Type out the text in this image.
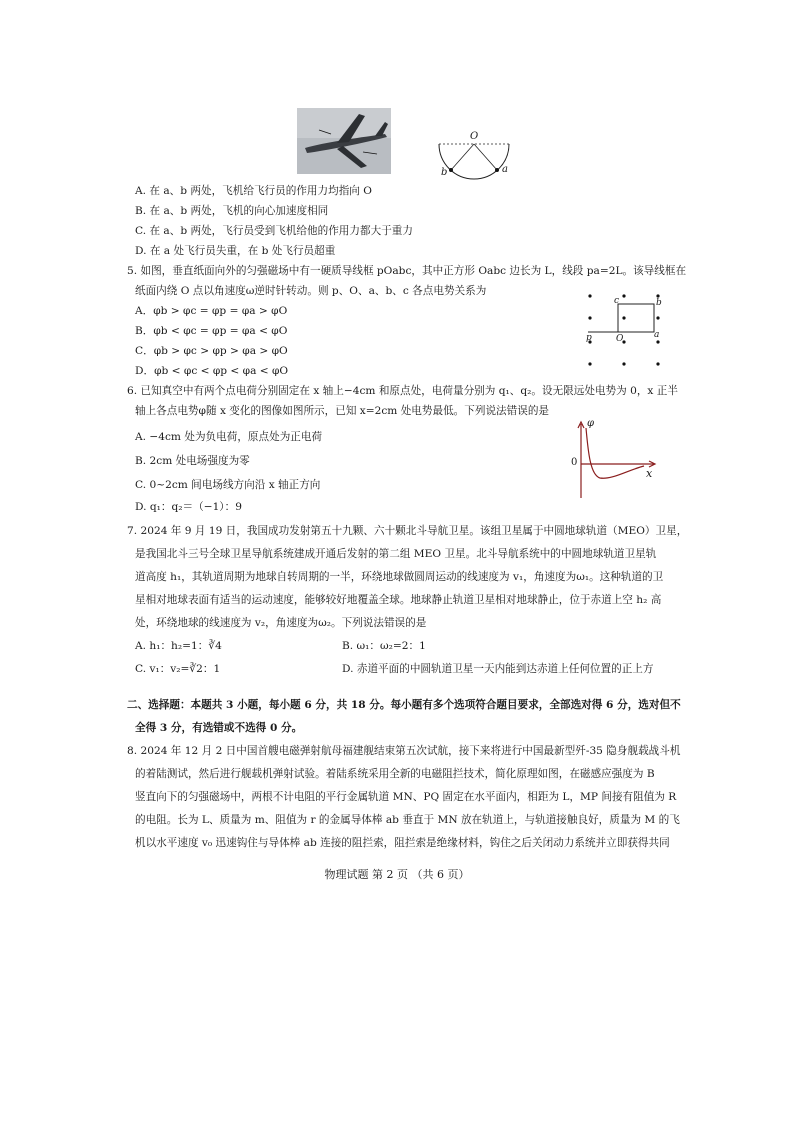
O
b	a
A. 在 a、b 两处，飞机给飞行员的作用力均指向 O
B. 在 a、b 两处，飞机的向心加速度相同
C. 在 a、b 两处，飞行员受到飞机给他的作用力都大于重力
D. 在 a 处飞行员失重，在 b 处飞行员超重
5. 如图，垂直纸面向外的匀强磁场中有一硬质导线框 pOabc，其中正方形 Oabc 边长为 L，线段 pa=2L。该导线框在
纸面内绕 O 点以角速度ω逆时针转动。则 p、O、a、b、c 各点电势关系为
A．φb > φc = φp = φa > φO
B．φb < φc = φp = φa < φO
C．φb > φc > φp > φa > φO
D．φb < φc < φp < φa < φO
c	b
p	O	a
6. 已知真空中有两个点电荷分别固定在 x 轴上−4cm 和原点处，电荷量分别为 q₁、q₂。设无限远处电势为 0，x 正半
轴上各点电势φ随 x 变化的图像如图所示，已知 x=2cm 处电势最低。下列说法错误的是
A. −4cm 处为负电荷，原点处为正电荷
B. 2cm 处电场强度为零
C. 0~2cm 间电场线方向沿 x 轴正方向
D. q₁：q₂＝（−1）：9
φ
0
x
7. 2024 年 9 月 19 日，我国成功发射第五十九颗、六十颗北斗导航卫星。该组卫星属于中圆地球轨道（MEO）卫星，
是我国北斗三号全球卫星导航系统建成开通后发射的第二组 MEO 卫星。北斗导航系统中的中圆地球轨道卫星轨
道高度 h₁，其轨道周期为地球自转周期的一半，环绕地球做圆周运动的线速度为 v₁，角速度为ω₁。这种轨道的卫
星相对地球表面有适当的运动速度，能够较好地覆盖全球。地球静止轨道卫星相对地球静止，位于赤道上空 h₂ 高
处，环绕地球的线速度为 v₂，角速度为ω₂。下列说法错误的是
A. h₁：h₂=1：∛4	B. ω₁：ω₂=2：1
C. v₁：v₂=∛2：1	D. 赤道平面的中圆轨道卫星一天内能到达赤道上任何位置的正上方
二、选择题：本题共 3 小题，每小题 6 分，共 18 分。每小题有多个选项符合题目要求，全部选对得 6 分，选对但不
全得 3 分，有选错或不选得 0 分。
8. 2024 年 12 月 2 日中国首艘电磁弹射航母福建舰结束第五次试航，接下来将进行中国最新型歼-35 隐身舰载战斗机
的着陆测试，然后进行舰载机弹射试验。着陆系统采用全新的电磁阻拦技术，简化原理如图，在磁感应强度为 B
竖直向下的匀强磁场中，两根不计电阻的平行金属轨道 MN、PQ 固定在水平面内，相距为 L，MP 间接有阻值为 R
的电阻。长为 L、质量为 m、阻值为 r 的金属导体棒 ab 垂直于 MN 放在轨道上，与轨道接触良好，质量为 M 的飞
机以水平速度 v₀ 迅速钩住与导体棒 ab 连接的阻拦索，阻拦索是绝缘材料，钩住之后关闭动力系统并立即获得共同
物理试题 第 2 页 （共 6 页）
